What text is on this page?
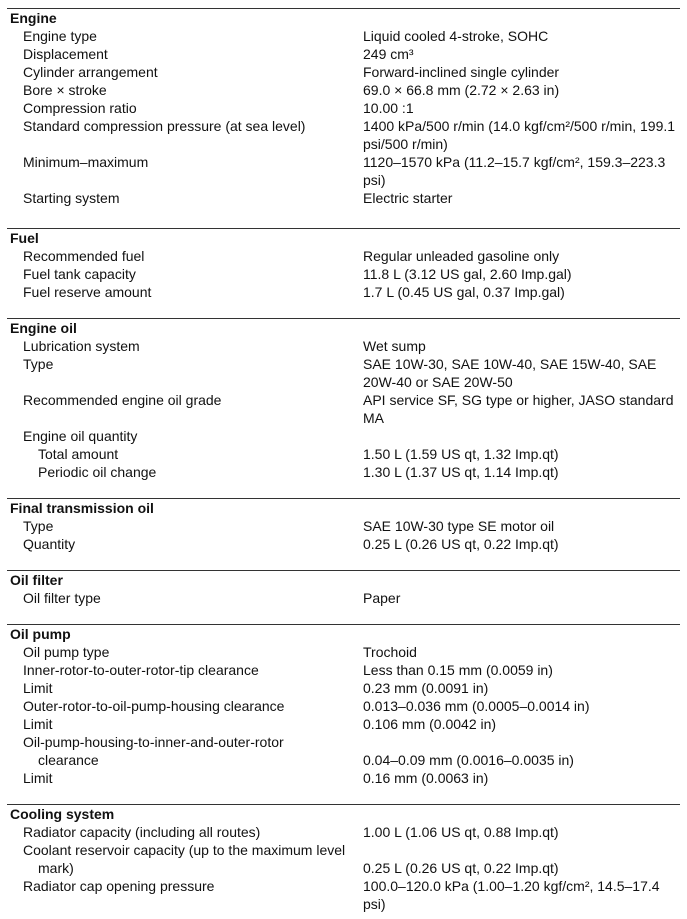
Engine
Engine type	Liquid cooled 4-stroke, SOHC
Displacement	249 cm³
Cylinder arrangement	Forward-inclined single cylinder
Bore × stroke	69.0 × 66.8 mm (2.72 × 2.63 in)
Compression ratio	10.00 :1
Standard compression pressure (at sea level)	1400 kPa/500 r/min (14.0 kgf/cm²/500 r/min, 199.1 psi/500 r/min)
Minimum–maximum	1120–1570 kPa (11.2–15.7 kgf/cm², 159.3–223.3 psi)
Starting system	Electric starter
Fuel
Recommended fuel	Regular unleaded gasoline only
Fuel tank capacity	11.8 L (3.12 US gal, 2.60 Imp.gal)
Fuel reserve amount	1.7 L (0.45 US gal, 0.37 Imp.gal)
Engine oil
Lubrication system	Wet sump
Type	SAE 10W-30, SAE 10W-40, SAE 15W-40, SAE 20W-40 or SAE 20W-50
Recommended engine oil grade	API service SF, SG type or higher, JASO standard MA
Engine oil quantity
Total amount	1.50 L (1.59 US qt, 1.32 Imp.qt)
Periodic oil change	1.30 L (1.37 US qt, 1.14 Imp.qt)
Final transmission oil
Type	SAE 10W-30 type SE motor oil
Quantity	0.25 L (0.26 US qt, 0.22 Imp.qt)
Oil filter
Oil filter type	Paper
Oil pump
Oil pump type	Trochoid
Inner-rotor-to-outer-rotor-tip clearance	Less than 0.15 mm (0.0059 in)
Limit	0.23 mm (0.0091 in)
Outer-rotor-to-oil-pump-housing clearance	0.013–0.036 mm (0.0005–0.0014 in)
Limit	0.106 mm (0.0042 in)
Oil-pump-housing-to-inner-and-outer-rotor
clearance	0.04–0.09 mm (0.0016–0.0035 in)
Limit	0.16 mm (0.0063 in)
Cooling system
Radiator capacity (including all routes)	1.00 L (1.06 US qt, 0.88 Imp.qt)
Coolant reservoir capacity (up to the maximum level
mark)	0.25 L (0.26 US qt, 0.22 Imp.qt)
Radiator cap opening pressure	100.0–120.0 kPa (1.00–1.20 kgf/cm², 14.5–17.4 psi)
